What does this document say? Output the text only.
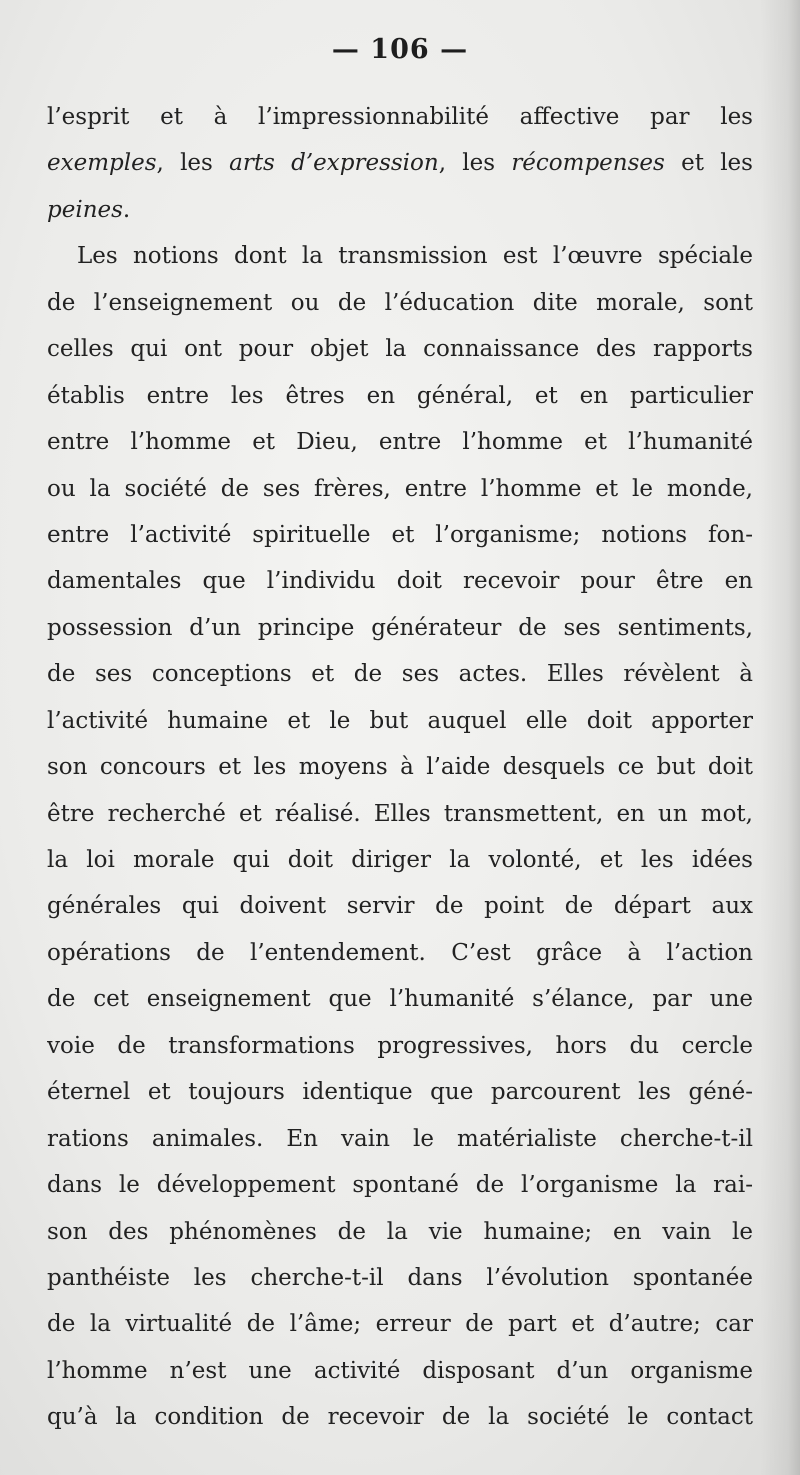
— 106 —
l’esprit et à l’impressionnabilité affective par les
exemples, les arts d’expression, les récompenses et les
peines.
Les notions dont la transmission est l’œuvre spéciale
de l’enseignement ou de l’éducation dite morale, sont
celles qui ont pour objet la connaissance des rapports
établis entre les êtres en général, et en particulier
entre l’homme et Dieu, entre l’homme et l’humanité
ou la société de ses frères, entre l’homme et le monde,
entre l’activité spirituelle et l’organisme; notions fon-
damentales que l’individu doit recevoir pour être en
possession d’un principe générateur de ses sentiments,
de ses conceptions et de ses actes. Elles révèlent à
l’activité humaine et le but auquel elle doit apporter
son concours et les moyens à l’aide desquels ce but doit
être recherché et réalisé. Elles transmettent, en un mot,
la loi morale qui doit diriger la volonté, et les idées
générales qui doivent servir de point de départ aux
opérations de l’entendement. C’est grâce à l’action
de cet enseignement que l’humanité s’élance, par une
voie de transformations progressives, hors du cercle
éternel et toujours identique que parcourent les géné-
rations animales. En vain le matérialiste cherche-t-il
dans le développement spontané de l’organisme la rai-
son des phénomènes de la vie humaine; en vain le
panthéiste les cherche-t-il dans l’évolution spontanée
de la virtualité de l’âme; erreur de part et d’autre; car
l’homme n’est une activité disposant d’un organisme
qu’à la condition de recevoir de la société le contact
